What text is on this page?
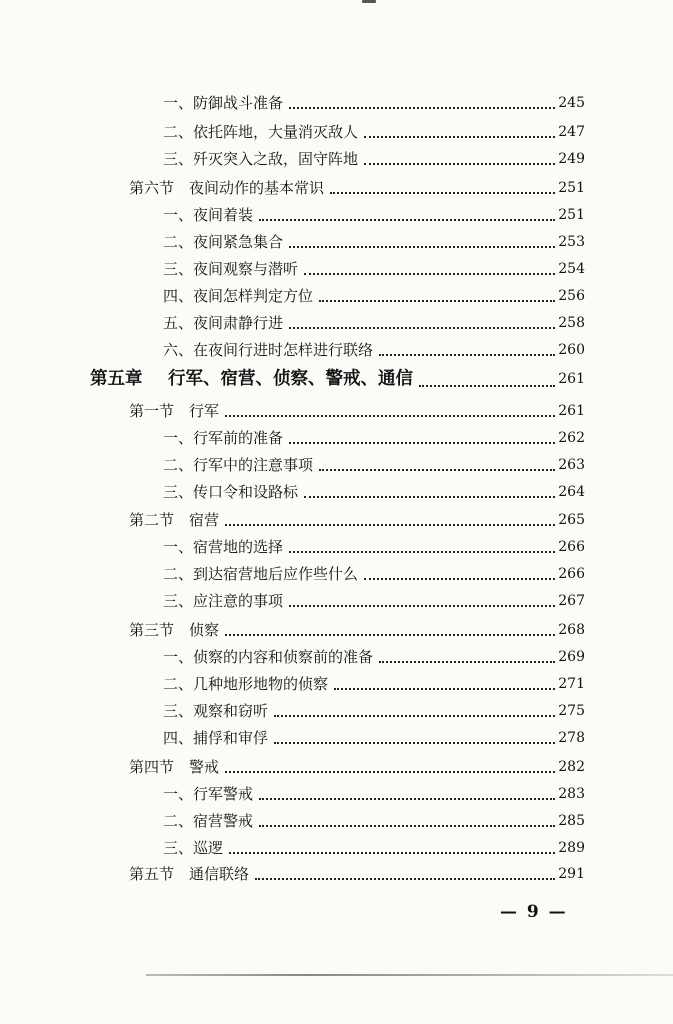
一、防御战斗准备	245
二、依托阵地，大量消灭敌人	247
三、歼灭突入之敌，固守阵地	249
第六节 夜间动作的基本常识	251
一、夜间着装	251
二、夜间紧急集合	253
三、夜间观察与潜听	254
四、夜间怎样判定方位	256
五、夜间肃静行进	258
六、在夜间行进时怎样进行联络	260
第五章 行军、宿营、侦察、警戒、通信	261
第一节 行军	261
一、行军前的准备	262
二、行军中的注意事项	263
三、传口令和设路标	264
第二节 宿营	265
一、宿营地的选择	266
二、到达宿营地后应作些什么	266
三、应注意的事项	267
第三节 侦察	268
一、侦察的内容和侦察前的准备	269
二、几种地形地物的侦察	271
三、观察和窃听	275
四、捕俘和审俘	278
第四节 警戒	282
一、行军警戒	283
二、宿营警戒	285
三、巡逻	289
第五节 通信联络	291
— 9 —
